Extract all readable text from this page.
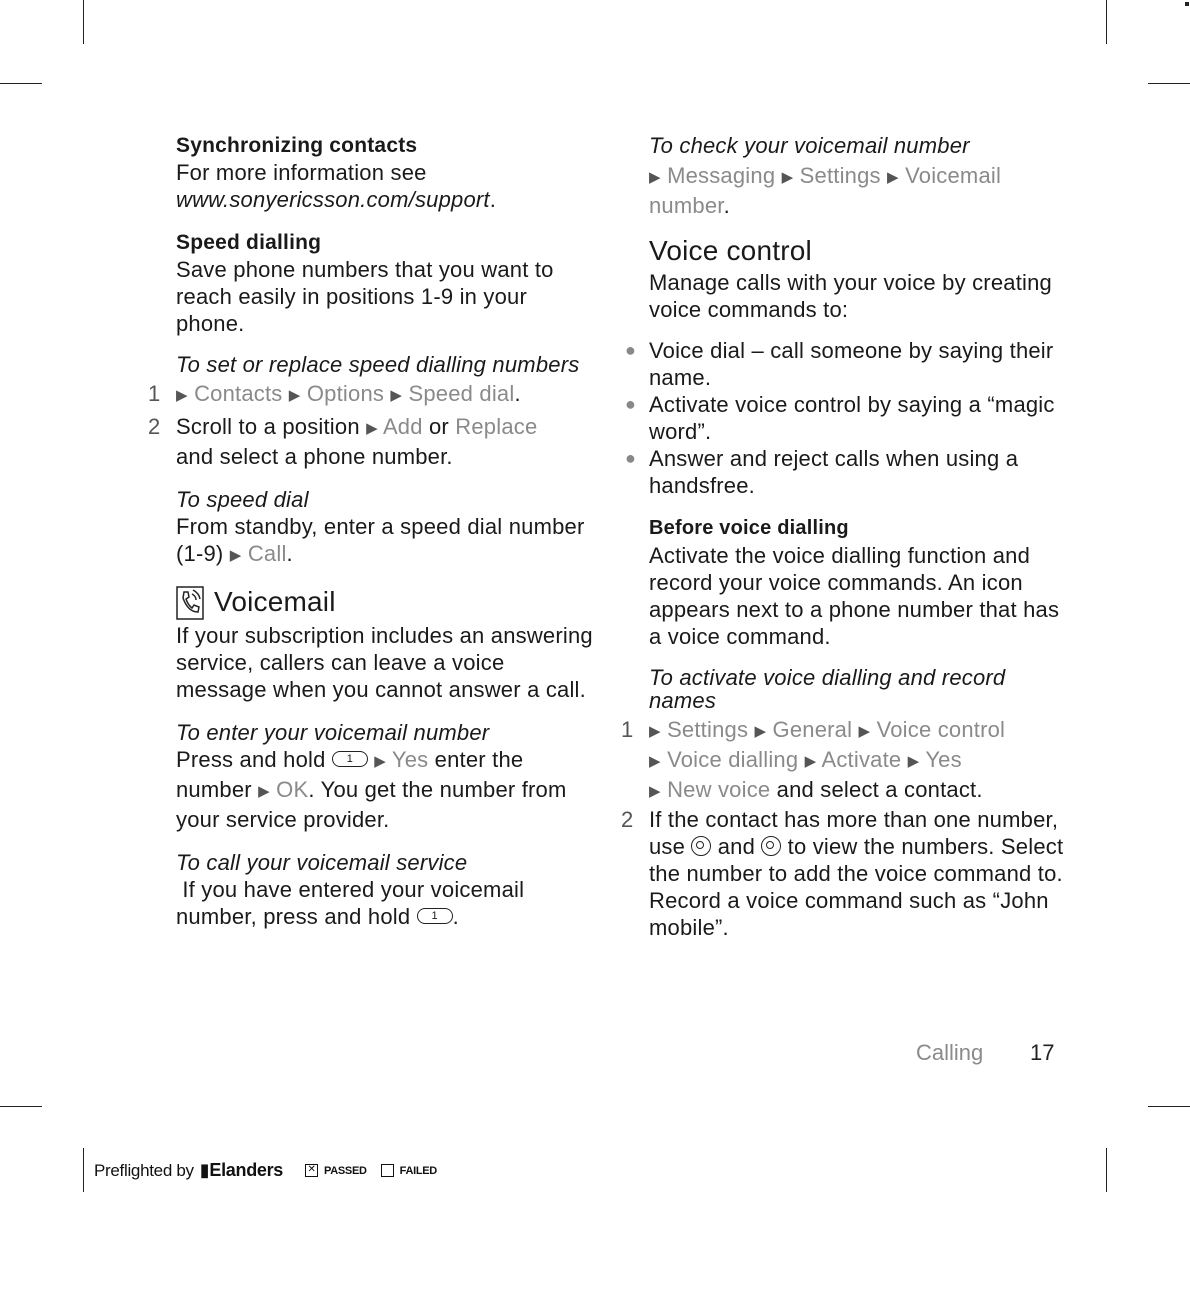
Synchronizing contacts

For more information see
www.sonyericsson.com/support.

Speed dialling

Save phone numbers that you want to reach easily in positions 1-9 in your phone.

To set or replace speed dialling numbers

1 ▶ Contacts ▶ Options ▶ Speed dial.
2 Scroll to a position ▶ Add or Replace
and select a phone number.

To speed dial

From standby, enter a speed dial number (1-9) ▶ Call.

Voicemail

If your subscription includes an answering service, callers can leave a voice message when you cannot answer a call.

To enter your voicemail number

Press and hold 1 ▶ Yes enter the number ▶ OK. You get the number from your service provider.

To call your voicemail service

If you have entered your voicemail number, press and hold 1 .

To check your voicemail number

▶ Messaging ▶ Settings ▶ Voicemail number.

Voice control

Manage calls with your voice by creating voice commands to:

● Voice dial – call someone by saying their name.
● Activate voice control by saying a “magic word”.
● Answer and reject calls when using a handsfree.
Before voice dialling

Activate the voice dialling function and record your voice commands. An icon appears next to a phone number that has a voice command.

To activate voice dialling and record names

1 ▶ Settings ▶ General ▶ Voice control
▶ Voice dialling ▶ Activate ▶ Yes
▶ New voice and select a contact.
2 If the contact has more than one number, use  and  to view the numbers. Select the number to add the voice command to. Record a voice command such as “John mobile”.
Calling 17
Preflighted by ▮Elanders ✕ PASSED	FAILED
